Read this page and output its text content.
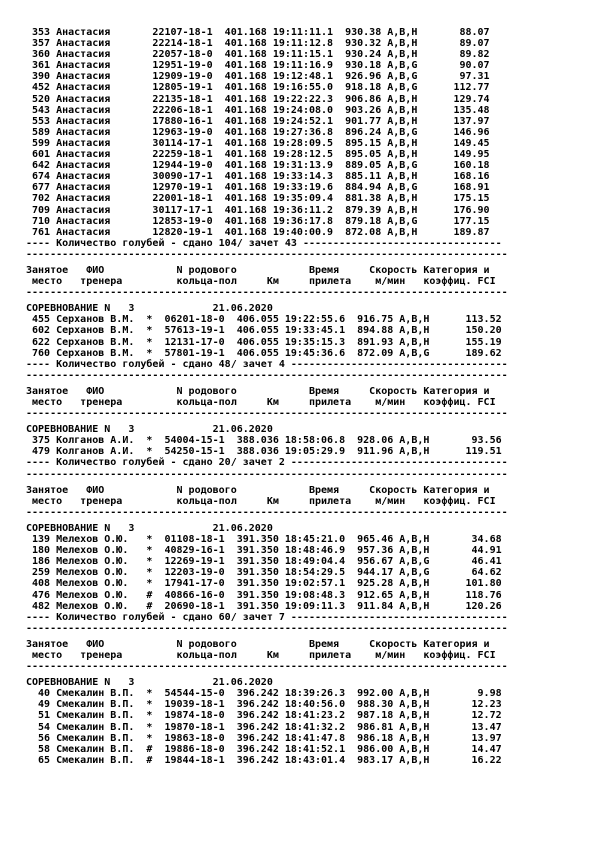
353 Анастасия       22107-18-1  401.168 19:11:11.1  930.38 A,B,H       88.07
357 Анастасия       22214-18-1  401.168 19:11:12.8  930.32 A,B,H       89.07
360 Анастасия       22057-18-0  401.168 19:11:15.1  930.24 A,B,H       89.82
361 Анастасия       12951-19-0  401.168 19:11:16.9  930.18 A,B,G       90.07
390 Анастасия       12909-19-0  401.168 19:12:48.1  926.96 A,B,G       97.31
452 Анастасия       12805-19-1  401.168 19:16:55.0  918.18 A,B,G      112.77
520 Анастасия       22135-18-1  401.168 19:22:22.3  906.86 A,B,H      129.74
543 Анастасия       22206-18-1  401.168 19:24:08.0  903.26 A,B,H      135.48
553 Анастасия       17880-16-1  401.168 19:24:52.1  901.77 A,B,H      137.97
589 Анастасия       12963-19-0  401.168 19:27:36.8  896.24 A,B,G      146.96
599 Анастасия       30114-17-1  401.168 19:28:09.5  895.15 A,B,H      149.45
601 Анастасия       22259-18-1  401.168 19:28:12.5  895.05 A,B,H      149.95
642 Анастасия       12944-19-0  401.168 19:31:13.9  889.05 A,B,G      160.18
674 Анастасия       30090-17-1  401.168 19:33:14.3  885.11 A,B,H      168.16
677 Анастасия       12970-19-1  401.168 19:33:19.6  884.94 A,B,G      168.91
702 Анастасия       22001-18-1  401.168 19:35:09.4  881.38 A,B,H      175.15
709 Анастасия       30117-17-1  401.168 19:36:11.2  879.39 A,B,H      176.90
710 Анастасия       12853-19-0  401.168 19:36:17.8  879.18 A,B,G      177.15
761 Анастасия       12820-19-1  401.168 19:40:00.9  872.08 A,B,H      189.87
---- Количество голубей - сдано 104/ зачет 43 ---------------------------------
--------------------------------------------------------------------------------
Занятое   ФИО            N родового            Время     Скорость Категория и
место   тренера         кольца-пол     Км     прилета    м/мин   коэффиц. FCI
--------------------------------------------------------------------------------
СОРЕВНОВАНИЕ N   3             21.06.2020
455 Серханов В.М.  *  06201-18-0  406.055 19:22:55.6  916.75 A,B,H      113.52
602 Серханов В.М.  *  57613-19-1  406.055 19:33:45.1  894.88 A,B,H      150.20
622 Серханов В.М.  *  12131-17-0  406.055 19:35:15.3  891.93 A,B,H      155.19
760 Серханов В.М.  *  57801-19-1  406.055 19:45:36.6  872.09 A,B,G      189.62
---- Количество голубей - сдано 48/ зачет 4 ------------------------------------
--------------------------------------------------------------------------------
Занятое   ФИО            N родового            Время     Скорость Категория и
место   тренера         кольца-пол     Км     прилета    м/мин   коэффиц. FCI
--------------------------------------------------------------------------------
СОРЕВНОВАНИЕ N   3             21.06.2020
375 Колганов А.И.  *  54004-15-1  388.036 18:58:06.8  928.06 A,B,H       93.56
479 Колганов А.И.  *  54250-15-1  388.036 19:05:29.9  911.96 A,B,H      119.51
---- Количество голубей - сдано 20/ зачет 2 ------------------------------------
--------------------------------------------------------------------------------
Занятое   ФИО            N родового            Время     Скорость Категория и
место   тренера         кольца-пол     Км     прилета    м/мин   коэффиц. FCI
--------------------------------------------------------------------------------
СОРЕВНОВАНИЕ N   3             21.06.2020
139 Мелехов О.Ю.   *  01108-18-1  391.350 18:45:21.0  965.46 A,B,H       34.68
180 Мелехов О.Ю.   *  40829-16-1  391.350 18:48:46.9  957.36 A,B,H       44.91
186 Мелехов О.Ю.   *  12269-19-1  391.350 18:49:04.4  956.67 A,B,G       46.41
259 Мелехов О.Ю.   *  12203-19-0  391.350 18:54:29.5  944.17 A,B,G       64.62
408 Мелехов О.Ю.   *  17941-17-0  391.350 19:02:57.1  925.28 A,B,H      101.80
476 Мелехов О.Ю.   #  40866-16-0  391.350 19:08:48.3  912.65 A,B,H      118.76
482 Мелехов О.Ю.   #  20690-18-1  391.350 19:09:11.3  911.84 A,B,H      120.26
---- Количество голубей - сдано 60/ зачет 7 ------------------------------------
--------------------------------------------------------------------------------
Занятое   ФИО            N родового            Время     Скорость Категория и
место   тренера         кольца-пол     Км     прилета    м/мин   коэффиц. FCI
--------------------------------------------------------------------------------
СОРЕВНОВАНИЕ N   3             21.06.2020
40 Смекалин В.П.  *  54544-15-0  396.242 18:39:26.3  992.00 A,B,H        9.98
49 Смекалин В.П.  *  19039-18-1  396.242 18:40:56.0  988.30 A,B,H       12.23
51 Смекалин В.П.  *  19874-18-0  396.242 18:41:23.2  987.18 A,B,H       12.72
54 Смекалин В.П.  *  19870-18-1  396.242 18:41:32.2  986.81 A,B,H       13.47
56 Смекалин В.П.  *  19863-18-0  396.242 18:41:47.8  986.18 A,B,H       13.97
58 Смекалин В.П.  #  19886-18-0  396.242 18:41:52.1  986.00 A,B,H       14.47
65 Смекалин В.П.  #  19844-18-1  396.242 18:43:01.4  983.17 A,B,H       16.22
